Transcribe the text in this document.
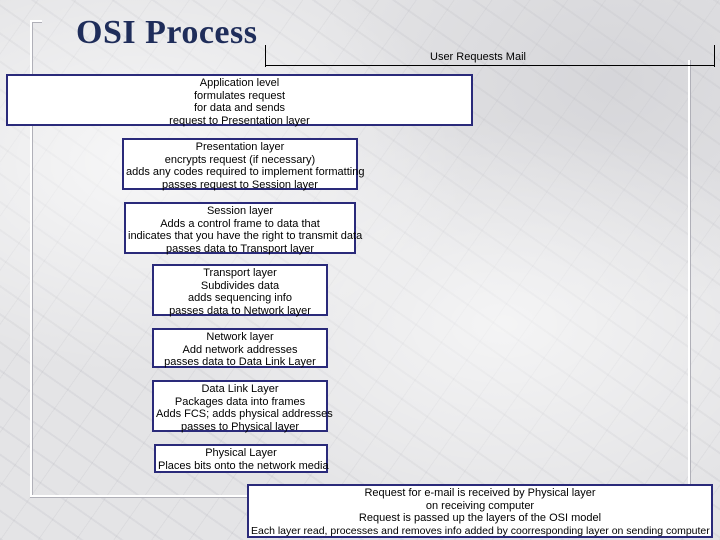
OSI Process
User Requests Mail
Application level
formulates request
for data and sends
request to Presentation layer
Presentation layer
encrypts request (if necessary)
adds any codes required to implement formatting
passes request to Session layer
Session layer
Adds a control frame to data that
indicates that you have the right to transmit data
passes data to Transport layer
Transport layer
Subdivides data
adds sequencing info
passes data to Network layer
Network layer
Add network addresses
passes data to Data Link Layer
Data Link Layer
Packages data into frames
Adds FCS; adds physical addresses
passes to Physical layer
Physical Layer
Places bits onto the network media
Request for e-mail is received by Physical layer
on receiving computer
Request is passed up the layers of the OSI model
Each layer read, processes and removes info added by coorresponding layer on sending computer
